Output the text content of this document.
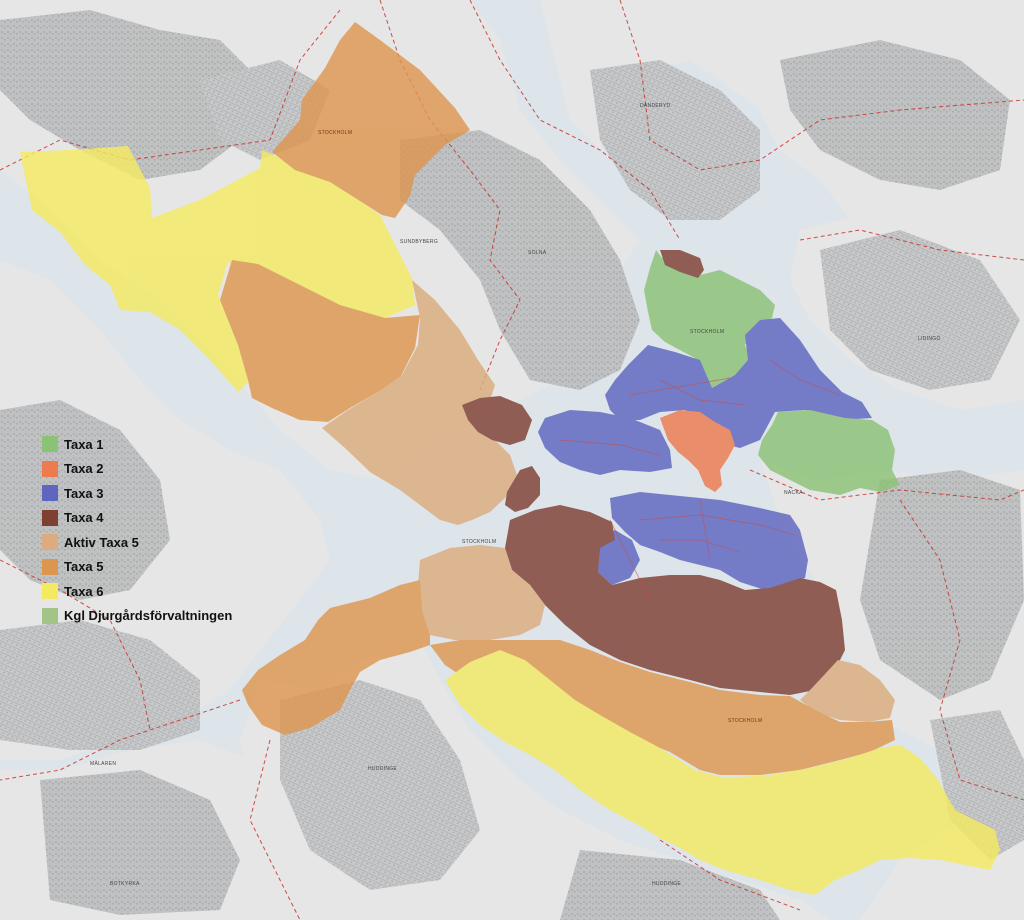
STOCKHOLM
SUNDBYBERG
SOLNA
DANDERYD
STOCKHOLM
LIDINGÖ
NACKA
STOCKHOLM
HUDDINGE
HUDDINGE
BOTKYRKA
MÄLAREN
STOCKHOLM
Taxa 1
Taxa 2
Taxa 3
Taxa 4
Aktiv Taxa 5
Taxa 5
Taxa 6
Kgl Djurgårdsförvaltningen
